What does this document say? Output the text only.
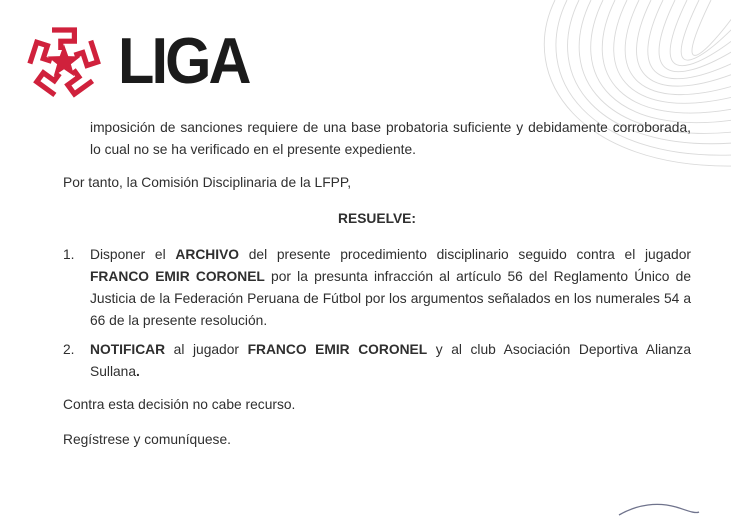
LIGA

imposición de sanciones requiere de una base probatoria suficiente y debidamente corroborada, lo cual no se ha verificado en el presente expediente.

Por tanto, la Comisión Disciplinaria de la LFPP,

RESUELVE:

1.	Disponer el ARCHIVO del presente procedimiento disciplinario seguido contra el jugador FRANCO EMIR CORONEL por la presunta infracción al artículo 56 del Reglamento Único de Justicia de la Federación Peruana de Fútbol por los argumentos señalados en los numerales 54 a 66 de la presente resolución.
2.	NOTIFICAR al jugador FRANCO EMIR CORONEL y al club Asociación Deportiva Alianza Sullana.

Contra esta decisión no cabe recurso.

Regístrese y comuníquese.
